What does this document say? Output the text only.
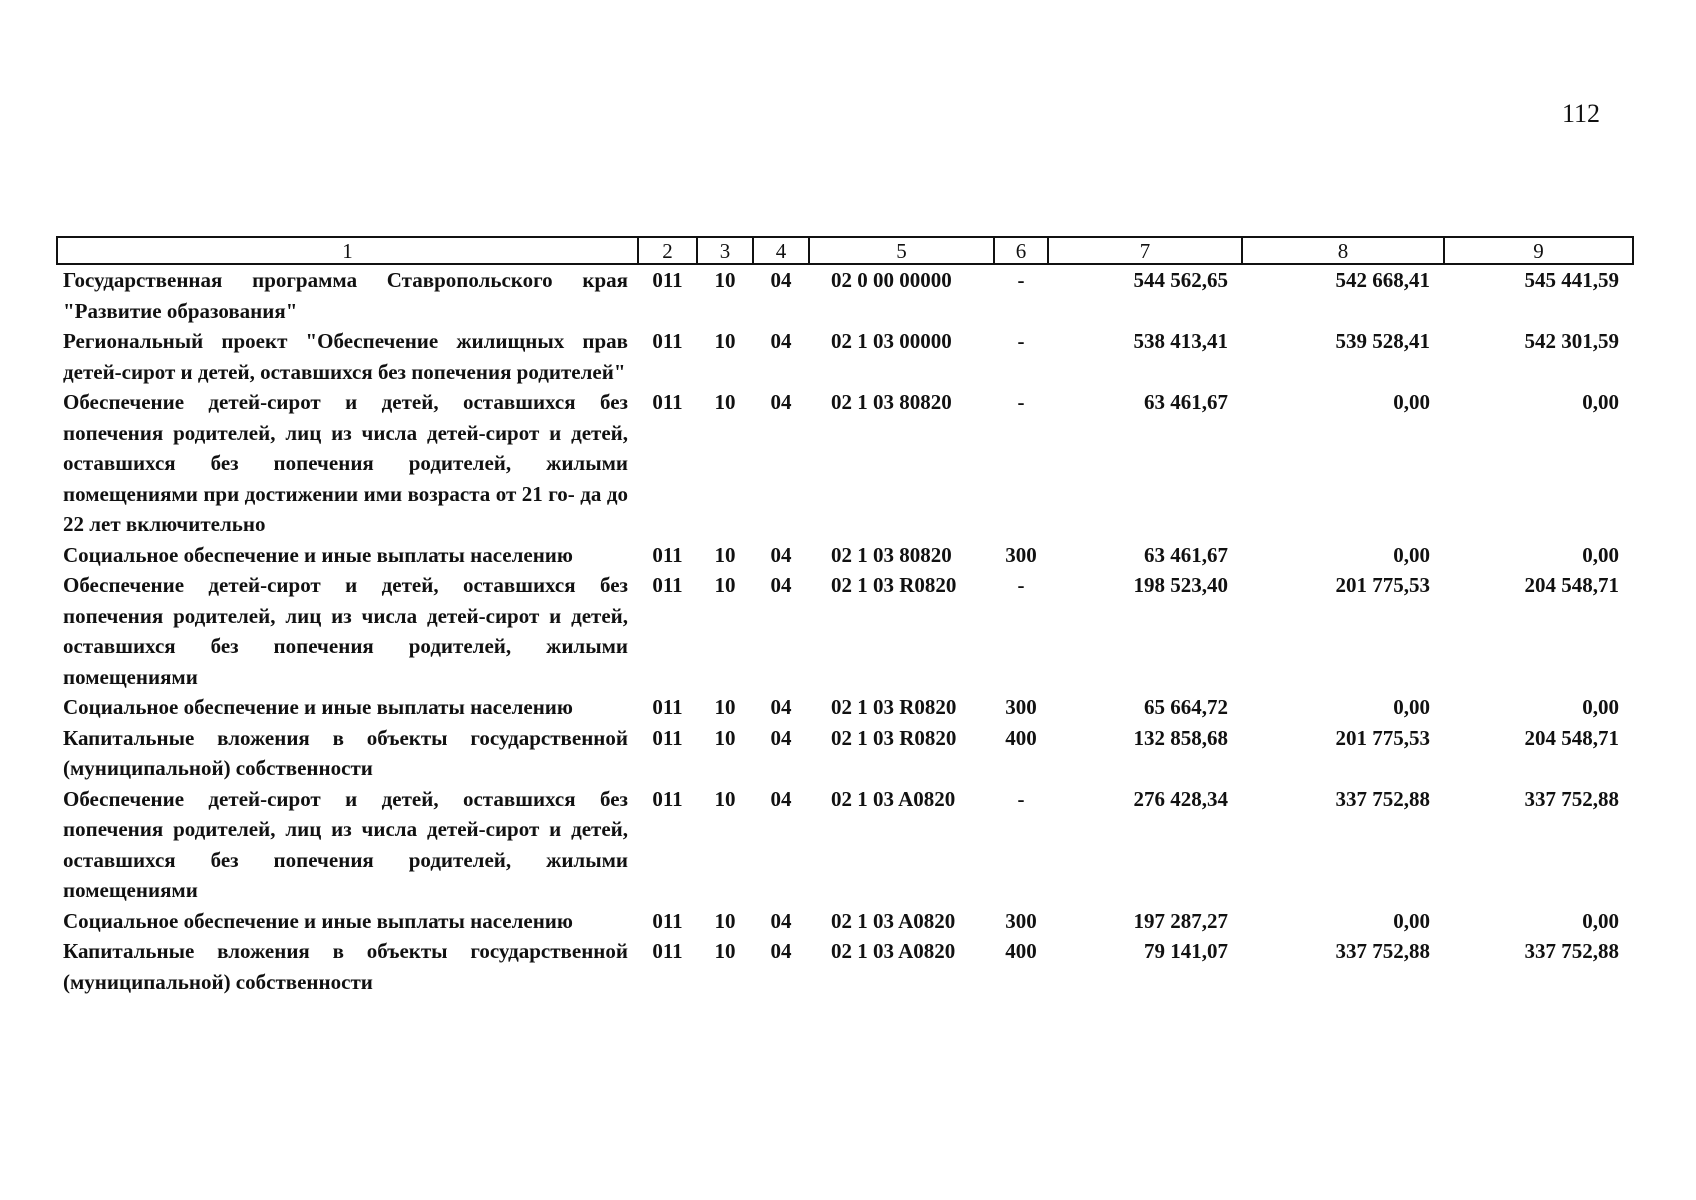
112
1	2	3	4	5	6	7	8	9
Государственная программа Ставропольского края "Развитие образования"	011	10	04	02 0 00 00000	-	544 562,65	542 668,41	545 441,59
Региональный проект "Обеспечение жилищных прав детей-сирот и детей, оставшихся без попечения родителей"	011	10	04	02 1 03 00000	-	538 413,41	539 528,41	542 301,59
Обеспечение детей-сирот и детей, оставшихся без попечения родителей, лиц из числа детей-сирот и детей, оставшихся без попечения родителей, жилыми помещениями при достижении ими возраста от 21 го- да до 22 лет включительно	011	10	04	02 1 03 80820	-	63 461,67	0,00	0,00
Социальное обеспечение и иные выплаты населению	011	10	04	02 1 03 80820	300	63 461,67	0,00	0,00
Обеспечение детей-сирот и детей, оставшихся без попечения родителей, лиц из числа детей-сирот и детей, оставшихся без попечения родителей, жилыми помещениями	011	10	04	02 1 03 R0820	-	198 523,40	201 775,53	204 548,71
Социальное обеспечение и иные выплаты населению	011	10	04	02 1 03 R0820	300	65 664,72	0,00	0,00
Капитальные вложения в объекты государственной (муниципальной) собственности	011	10	04	02 1 03 R0820	400	132 858,68	201 775,53	204 548,71
Обеспечение детей-сирот и детей, оставшихся без попечения родителей, лиц из числа детей-сирот и детей, оставшихся без попечения родителей, жилыми помещениями	011	10	04	02 1 03 A0820	-	276 428,34	337 752,88	337 752,88
Социальное обеспечение и иные выплаты населению	011	10	04	02 1 03 A0820	300	197 287,27	0,00	0,00
Капитальные вложения в объекты государственной (муниципальной) собственности	011	10	04	02 1 03 A0820	400	79 141,07	337 752,88	337 752,88
